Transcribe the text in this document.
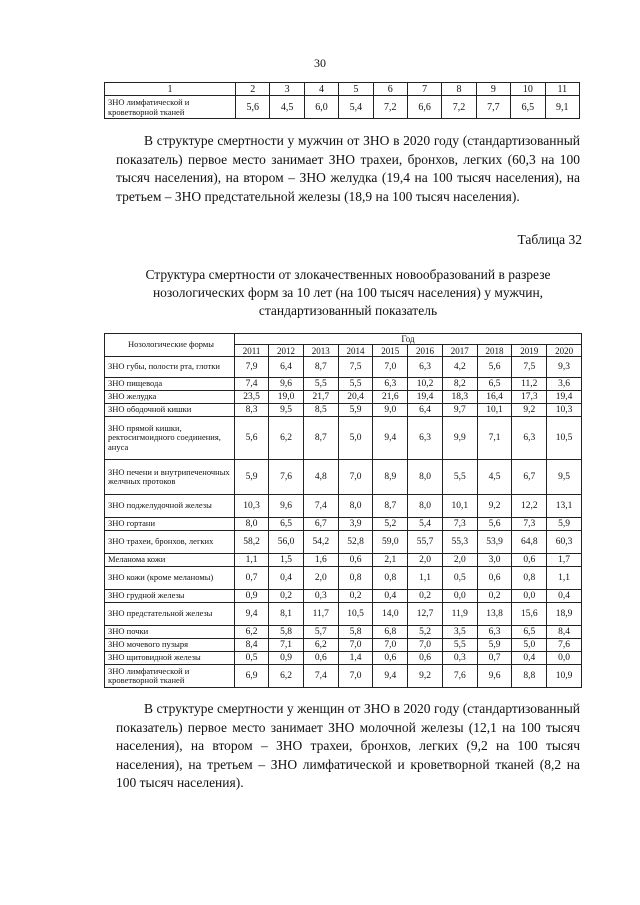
30
1	2	3	4	5	6	7	8	9	10	11
ЗНО лимфатической и кроветворной тканей	5,6	4,5	6,0	5,4	7,2	6,6	7,2	7,7	6,5	9,1

В структуре смертности у мужчин от ЗНО в 2020 году (стандартизованный показатель) первое место занимает ЗНО трахеи, бронхов, легких (60,3 на 100 тысяч населения), на втором – ЗНО желудка (19,4 на 100 тысяч населения), на третьем – ЗНО предстательной железы (18,9 на 100 тысяч населения).

Таблица 32

Структура смертности от злокачественных новообразований в разрезе нозологических форм за 10 лет (на 100 тысяч населения) у мужчин, стандартизованный показатель

Нозологические формы	Год									
	2011	2012	2013	2014	2015	2016	2017	2018	2019	2020
ЗНО губы, полости рта, глотки	7,9	6,4	8,7	7,5	7,0	6,3	4,2	5,6	7,5	9,3
ЗНО пищевода	7,4	9,6	5,5	5,5	6,3	10,2	8,2	6,5	11,2	3,6
ЗНО желудка	23,5	19,0	21,7	20,4	21,6	19,4	18,3	16,4	17,3	19,4
ЗНО ободочной кишки	8,3	9,5	8,5	5,9	9,0	6,4	9,7	10,1	9,2	10,3
ЗНО прямой кишки, ректосигмоидного соединения, ануса	5,6	6,2	8,7	5,0	9,4	6,3	9,9	7,1	6,3	10,5
ЗНО печени и внутрипеченочных желчных протоков	5,9	7,6	4,8	7,0	8,9	8,0	5,5	4,5	6,7	9,5
ЗНО поджелудочной железы	10,3	9,6	7,4	8,0	8,7	8,0	10,1	9,2	12,2	13,1
ЗНО гортани	8,0	6,5	6,7	3,9	5,2	5,4	7,3	5,6	7,3	5,9
ЗНО трахеи, бронхов, легких	58,2	56,0	54,2	52,8	59,0	55,7	55,3	53,9	64,8	60,3
Меланома кожи	1,1	1,5	1,6	0,6	2,1	2,0	2,0	3,0	0,6	1,7
ЗНО кожи (кроме меланомы)	0,7	0,4	2,0	0,8	0,8	1,1	0,5	0,6	0,8	1,1
ЗНО грудной железы	0,9	0,2	0,3	0,2	0,4	0,2	0,0	0,2	0,0	0,4
ЗНО предстательной железы	9,4	8,1	11,7	10,5	14,0	12,7	11,9	13,8	15,6	18,9
ЗНО почки	6,2	5,8	5,7	5,8	6,8	5,2	3,5	6,3	6,5	8,4
ЗНО мочевого пузыря	8,4	7,1	6,2	7,0	7,0	7,0	5,5	5,9	5,0	7,6
ЗНО щитовидной железы	0,5	0,9	0,6	1,4	0,6	0,6	0,3	0,7	0,4	0,0
ЗНО лимфатической и кроветворной тканей	6,9	6,2	7,4	7,0	9,4	9,2	7,6	9,6	8,8	10,9

В структуре смертности у женщин от ЗНО в 2020 году (стандартизованный показатель) первое место занимает ЗНО молочной железы (12,1 на 100 тысяч населения), на втором – ЗНО трахеи, бронхов, легких (9,2 на 100 тысяч населения), на третьем – ЗНО лимфатической и кроветворной тканей (8,2 на 100 тысяч населения).
